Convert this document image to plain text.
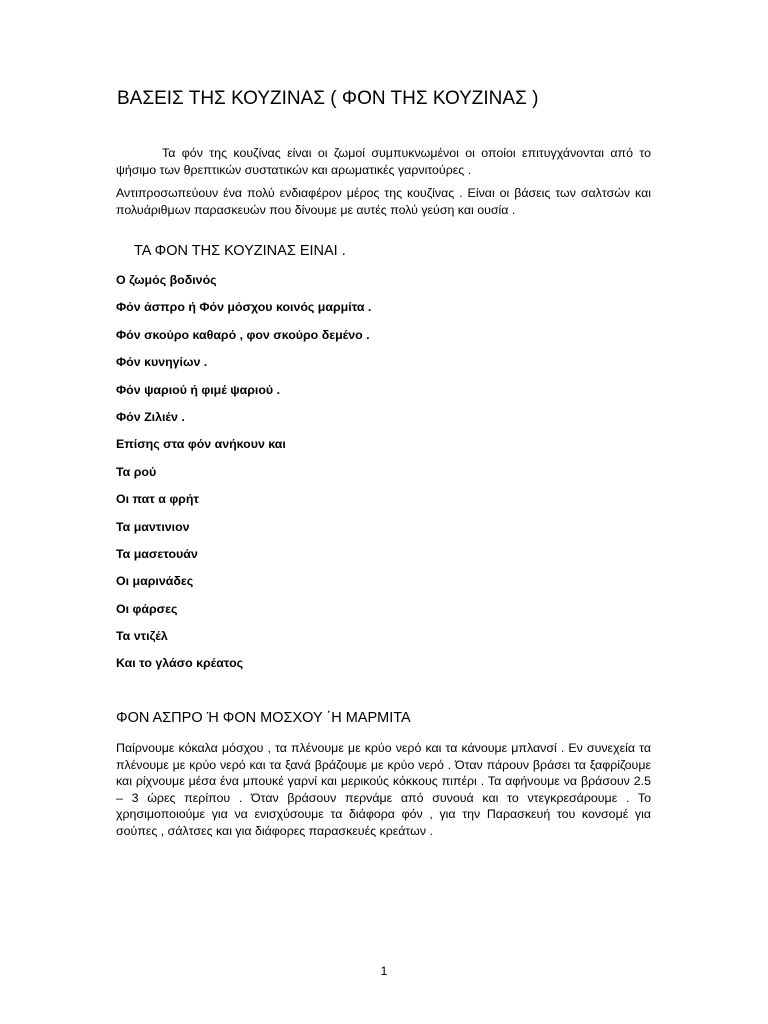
ΒΑΣΕΙΣ ΤΗΣ ΚΟΥΖΙΝΑΣ ( ΦΟΝ ΤΗΣ ΚΟΥΖΙΝΑΣ )

Τα φόν της κουζίνας είναι οι ζωμοί συμπυκνωμένοι οι οποίοι επιτυγχάνονται από το ψήσιμο των θρεπτικών συστατικών και αρωματικές γαρνιτούρες .

Αντιπροσωπεύουν ένα πολύ ενδιαφέρον μέρος της κουζίνας . Είναι οι βάσεις των σαλτσών και πολυάριθμων παρασκευών που δίνουμε με αυτές πολύ γεύση και ουσία .

ΤΑ ΦΟΝ ΤΗΣ ΚΟΥΖΙΝΑΣ ΕΙΝΑΙ .
Ο ζωμός βοδινός
Φόν άσπρο ή Φόν μόσχου κοινός μαρμίτα .
Φόν σκούρο καθαρό , φον σκούρο δεμένο .
Φόν κυνηγίων .
Φόν ψαριού ή φιμέ ψαριού .
Φόν Ζιλιέν .
Επίσης στα φόν ανήκουν και
Τα ρού
Οι πατ α φρήτ
Τα μαντινιον
Τα μασετουάν
Οι μαρινάδες
Οι φάρσες
Τα ντιζέλ
Και το γλάσο κρέατος
ΦΟΝ ΑΣΠΡΟ Ή ΦΟΝ ΜΟΣΧΟΥ ΄Η ΜΑΡΜΙΤΑ

Παίρνουμε κόκαλα μόσχου , τα πλένουμε με κρύο νερό και τα κάνουμε μπλανσί . Εν συνεχεία τα πλένουμε με κρύο νερό και τα ξανά βράζουμε με κρύο νερό . Όταν πάρουν βράσει τα ξαφρίζουμε και ρίχνουμε μέσα ένα μπουκέ γαρνί και μερικούς κόκκους πιπέρι . Τα αφήνουμε να βράσουν 2.5 – 3 ώρες περίπου . Όταν βράσουν περνάμε από συνουά και το ντεγκρεσάρουμε . Το χρησιμοποιούμε για να ενισχύσουμε τα διάφορα φόν , για την Παρασκευή του κονσομέ για σούπες , σάλτσες και για διάφορες παρασκευές κρεάτων .

1
